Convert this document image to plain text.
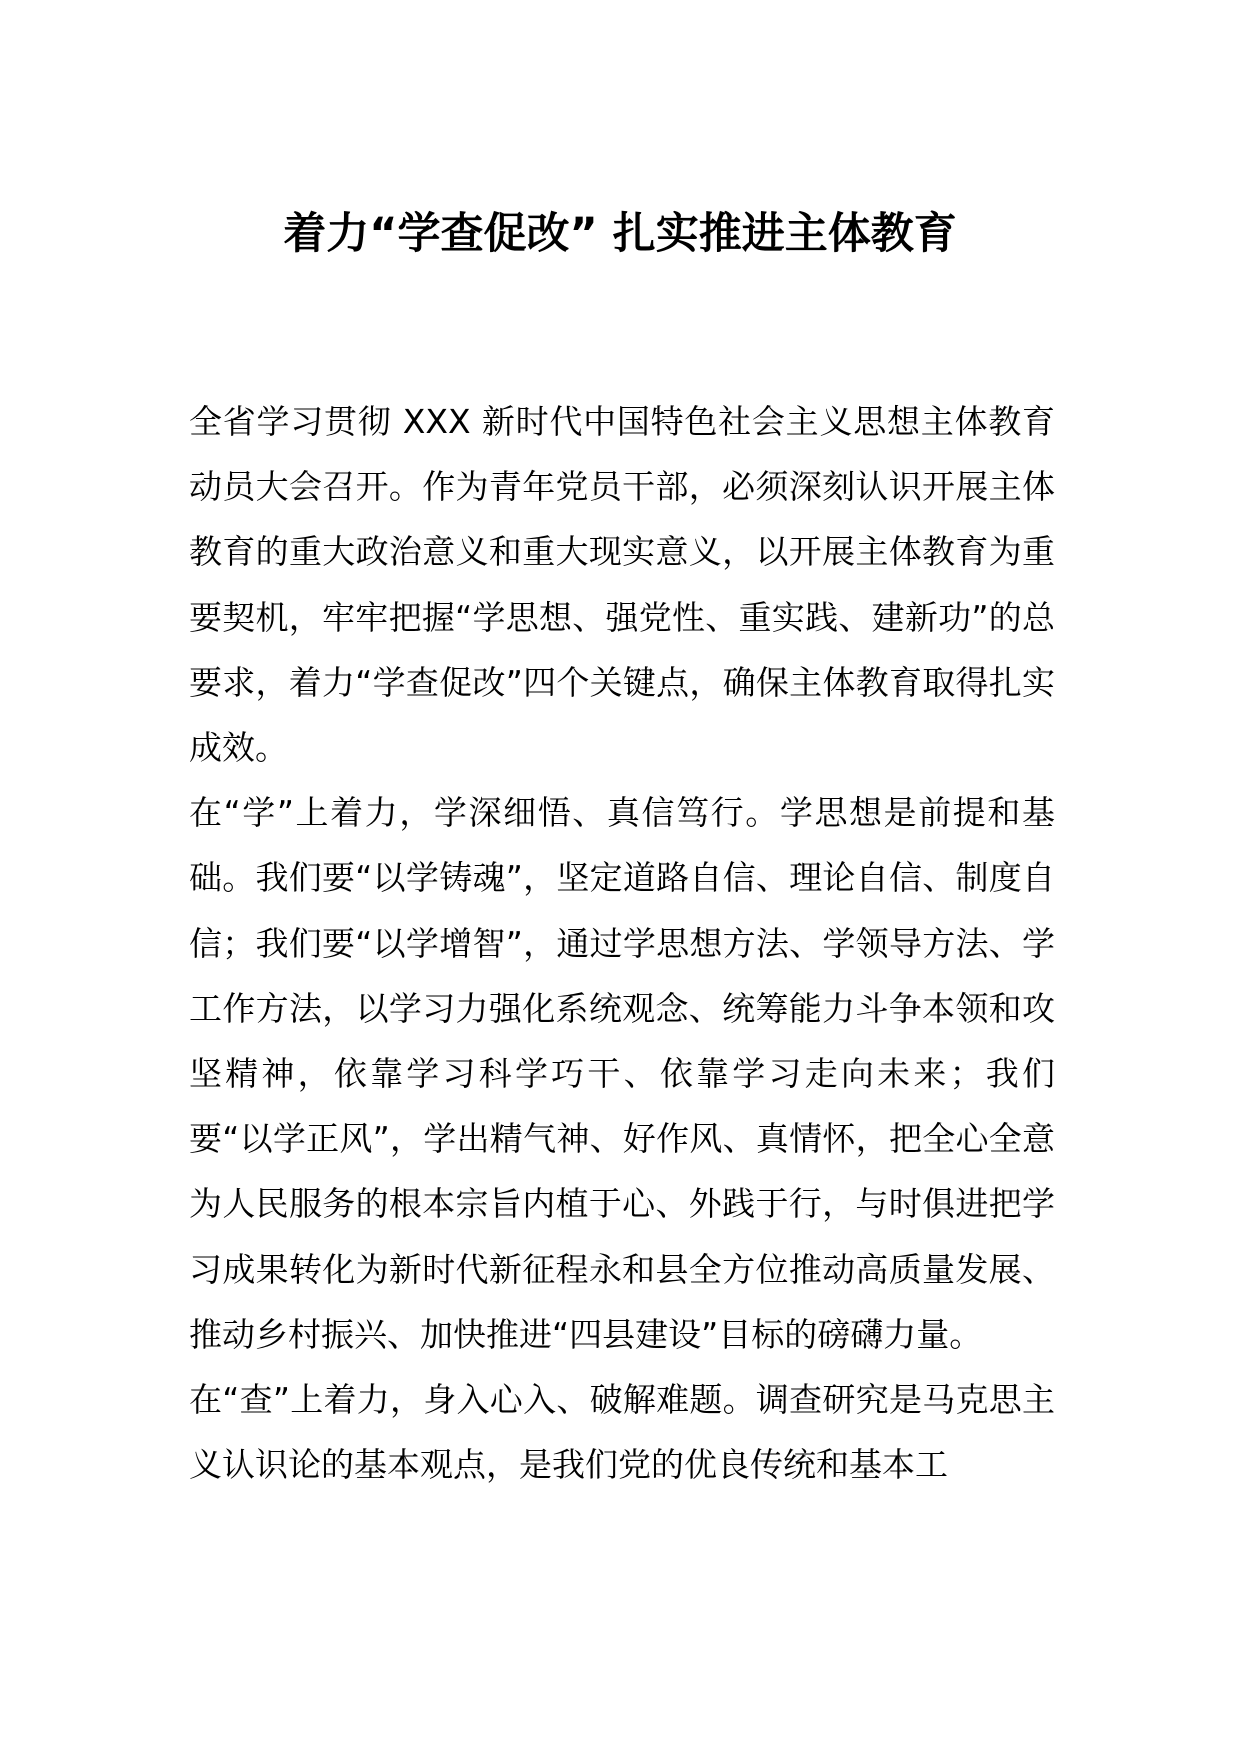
着力“学查促改” 扎实推进主体教育

全省学习贯彻 XXX 新时代中国特色社会主义思想主体教育动员大会召开。作为青年党员干部，必须深刻认识开展主体教育的重大政治意义和重大现实意义，以开展主体教育为重要契机，牢牢把握“学思想、强党性、重实践、建新功”的总要求，着力“学查促改”四个关键点，确保主体教育取得扎实成效。

在“学”上着力，学深细悟、真信笃行。学思想是前提和基础。我们要“以学铸魂”，坚定道路自信、理论自信、制度自信；我们要“以学增智”，通过学思想方法、学领导方法、学工作方法，以学习力强化系统观念、统筹能力斗争本领和攻坚精神，依靠学习科学巧干、依靠学习走向未来；我们要“以学正风”，学出精气神、好作风、真情怀，把全心全意为人民服务的根本宗旨内植于心、外践于行，与时俱进把学习成果转化为新时代新征程永和县全方位推动高质量发展、推动乡村振兴、加快推进“四县建设”目标的磅礴力量。

在“查”上着力，身入心入、破解难题。调查研究是马克思主义认识论的基本观点，是我们党的优良传统和基本工
